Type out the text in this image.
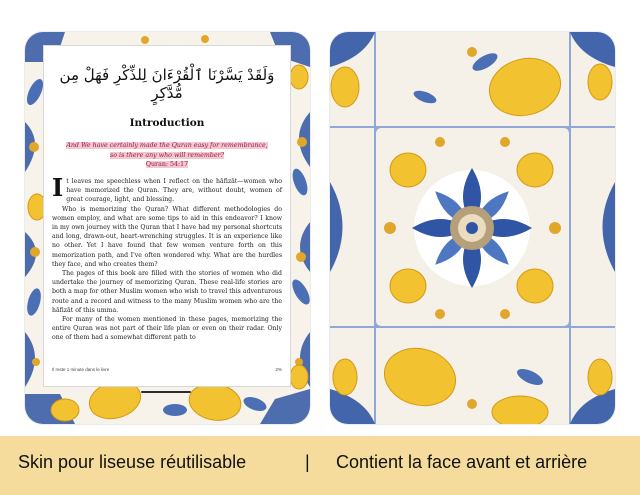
وَلَقَدْ يَسَّرْنَا ٱلْقُرْءَانَ لِلذِّكْرِ فَهَلْ مِن مُّدَّكِرٍ
Introduction
And We have certainly made the Quran easy for remembrance,
so is there any who will remember?
Quran: 54:17

It leaves me speechless when I reflect on the hāfizāt—women who have memorized the Quran. They are, without doubt, women of great courage, light, and blessing.

Who is memorizing the Quran? What different methodologies do women employ, and what are some tips to aid in this endeavor? I know in my own journey with the Quran that I have had my personal shortcuts and long, drawn-out, heart-wrenching struggles. It is an experience like no other. Yet I have found that few women venture forth on this memorization path, and I've often wondered why. What are the hurdles they face, and who creates them?

The pages of this book are filled with the stories of women who did undertake the journey of memorizing Quran. These real-life stories are both a map for other Muslim women who wish to travel this adventurous route and a record and witness to the many Muslim women who are the hāfizāt of this umma.

For many of the women mentioned in these pages, memorizing the entire Quran was not part of their life plan or even on their radar. Only one of them had a somewhat different path to

Il reste 1 minute dans le livre	2%
Skin pour liseuse réutilisable	| Contient la face avant et arrière
